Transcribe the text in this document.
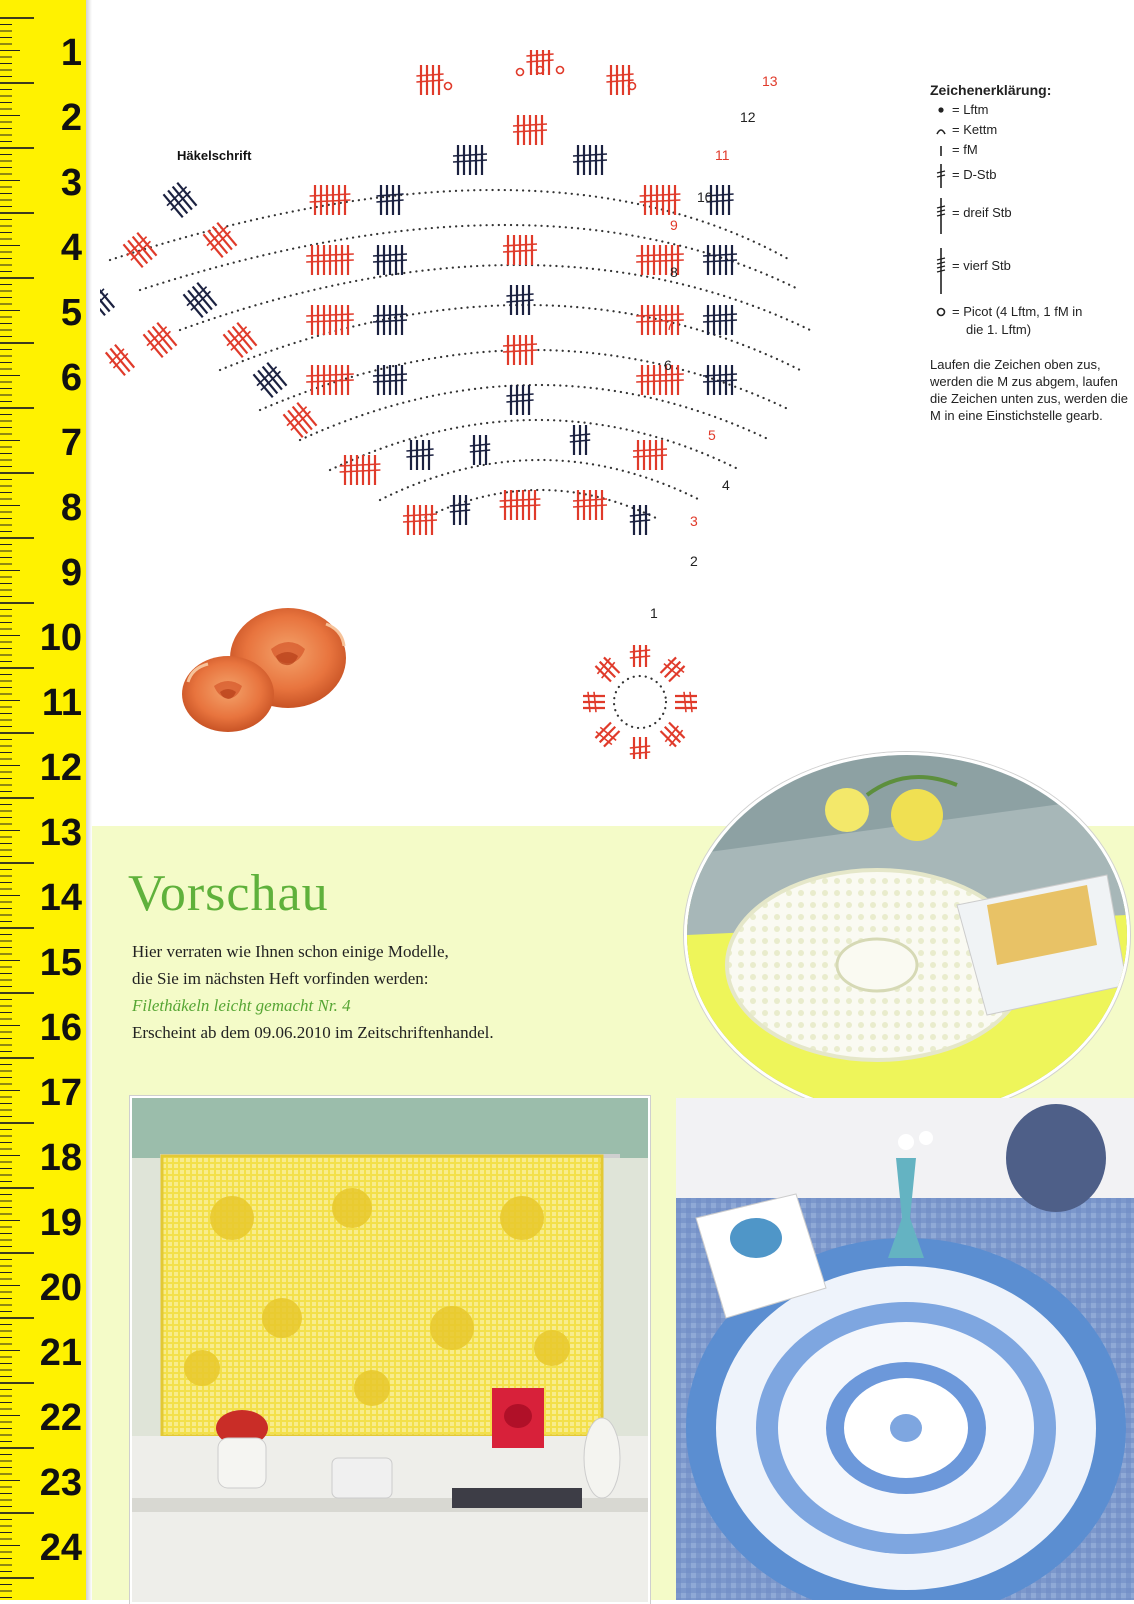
1
2
3
4
5
6
7
8
9
10
11
12
13
14
15
16
17
18
19
20
21
22
23
24
Häkelschrift
1
2
3
4
5
6
7
8
9
10
11
12
13
Zeichenerklärung:
= Lftm
= Kettm
= fM
= D-Stb
= dreif Stb
= vierf Stb
= Picot (4 Lftm, 1 fM in
die 1. Lftm)
Laufen die Zeichen oben zus, werden die M zus abgem, laufen die Zeichen unten zus, werden die M in eine Einstichstelle gearb.
Vorschau
Hier verraten wie Ihnen schon einige Modelle,
die Sie im nächsten Heft vorfinden werden:
Filethäkeln leicht gemacht Nr. 4
Erscheint ab dem 09.06.2010 im Zeitschriftenhandel.
